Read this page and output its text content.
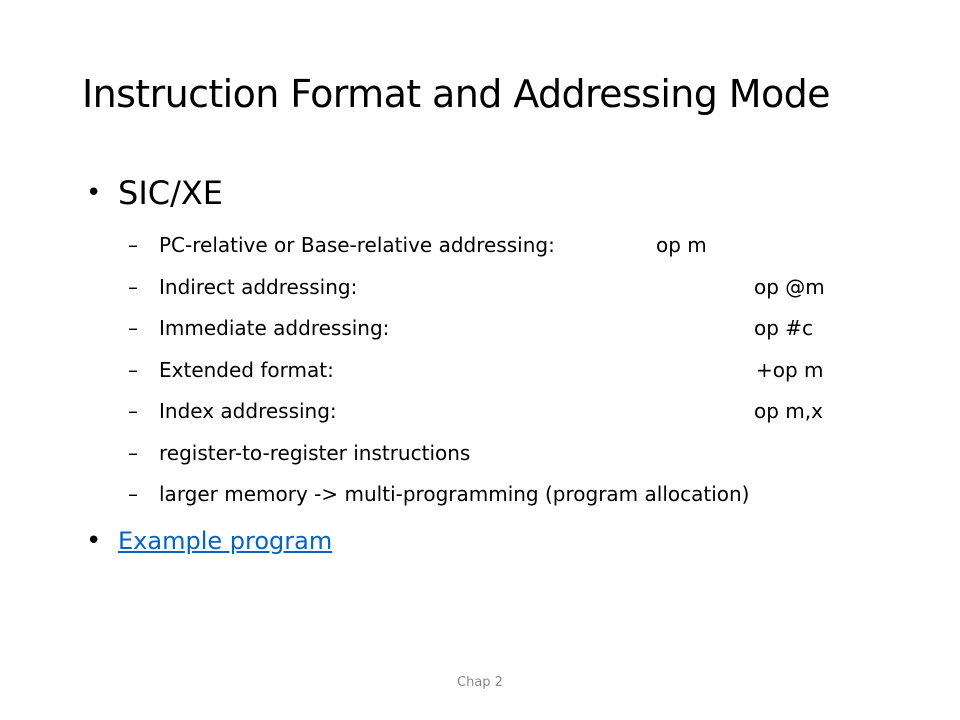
Instruction Format and Addressing Mode
• SIC/XE
– PC-relative or Base-relative addressing:	op m
– Indirect addressing:	op @m
– Immediate addressing:	op #c
– Extended format:	+op m
– Index addressing:	op m,x
– register-to-register instructions
– larger memory -> multi-programming (program allocation)
• Example program
Chap 2
